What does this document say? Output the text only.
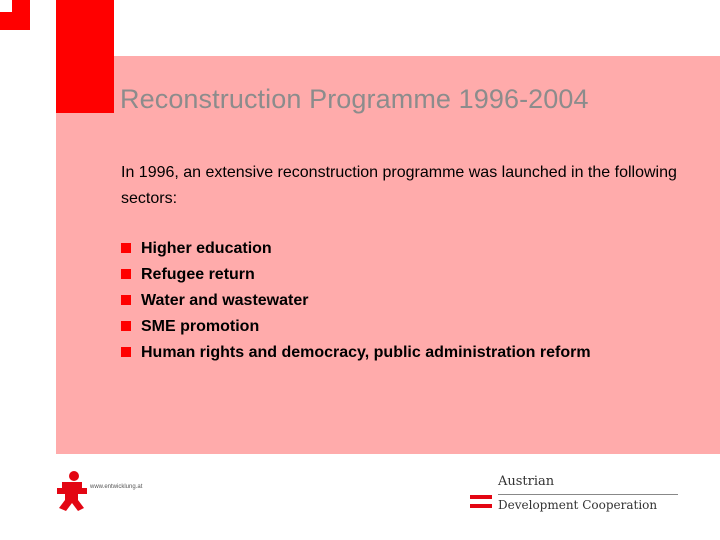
Reconstruction Programme 1996-2004
In 1996, an extensive reconstruction programme was launched in the following sectors:
Higher education
Refugee return
Water and wastewater
SME promotion
Human rights and democracy, public administration reform
www.entwicklung.at	Austrian
Development Cooperation
